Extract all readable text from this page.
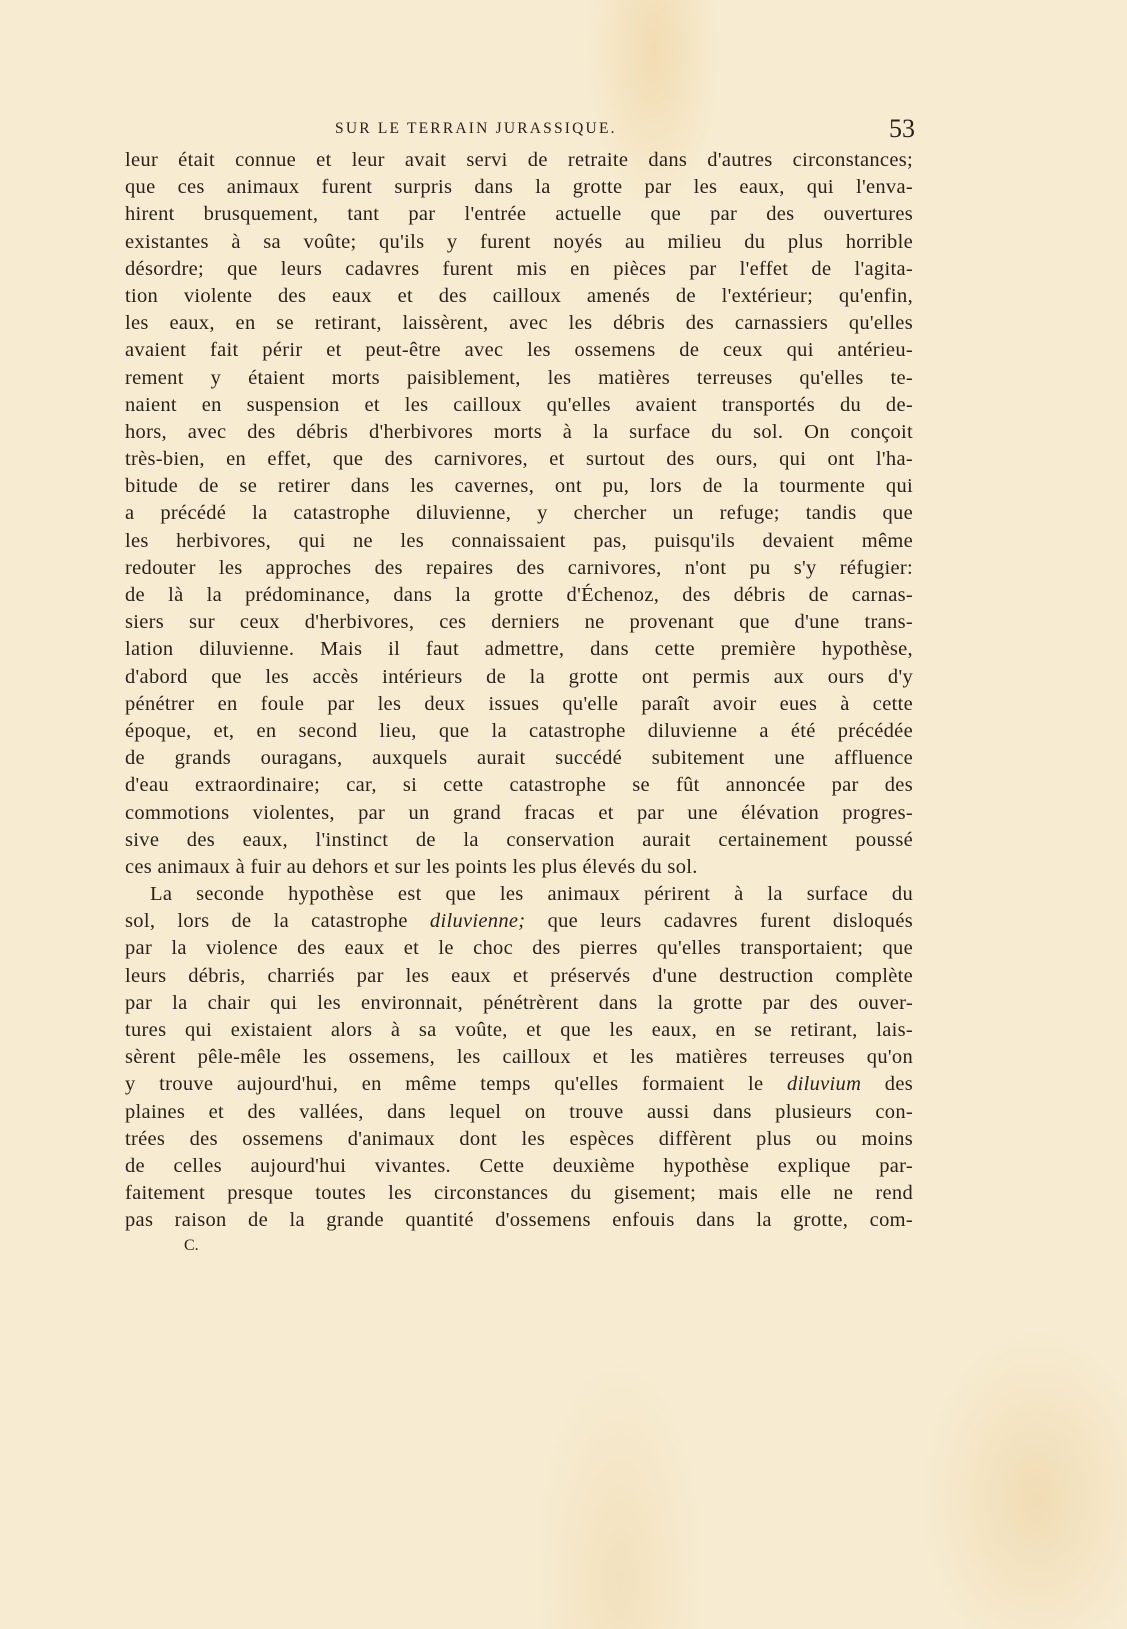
SUR LE TERRAIN JURASSIQUE.	53
leur était connue et leur avait servi de retraite dans d'autres circonstances;
que ces animaux furent surpris dans la grotte par les eaux, qui l'enva-
hirent brusquement, tant par l'entrée actuelle que par des ouvertures
existantes à sa voûte; qu'ils y furent noyés au milieu du plus horrible
désordre; que leurs cadavres furent mis en pièces par l'effet de l'agita-
tion violente des eaux et des cailloux amenés de l'extérieur; qu'enfin,
les eaux, en se retirant, laissèrent, avec les débris des carnassiers qu'elles
avaient fait périr et peut-être avec les ossemens de ceux qui antérieu-
rement y étaient morts paisiblement, les matières terreuses qu'elles te-
naient en suspension et les cailloux qu'elles avaient transportés du de-
hors, avec des débris d'herbivores morts à la surface du sol. On conçoit
très-bien, en effet, que des carnivores, et surtout des ours, qui ont l'ha-
bitude de se retirer dans les cavernes, ont pu, lors de la tourmente qui
a précédé la catastrophe diluvienne, y chercher un refuge; tandis que
les herbivores, qui ne les connaissaient pas, puisqu'ils devaient même
redouter les approches des repaires des carnivores, n'ont pu s'y réfugier:
de là la prédominance, dans la grotte d'Échenoz, des débris de carnas-
siers sur ceux d'herbivores, ces derniers ne provenant que d'une trans-
lation diluvienne. Mais il faut admettre, dans cette première hypothèse,
d'abord que les accès intérieurs de la grotte ont permis aux ours d'y
pénétrer en foule par les deux issues qu'elle paraît avoir eues à cette
époque, et, en second lieu, que la catastrophe diluvienne a été précédée
de grands ouragans, auxquels aurait succédé subitement une affluence
d'eau extraordinaire; car, si cette catastrophe se fût annoncée par des
commotions violentes, par un grand fracas et par une élévation progres-
sive des eaux, l'instinct de la conservation aurait certainement poussé
ces animaux à fuir au dehors et sur les points les plus élevés du sol.
La seconde hypothèse est que les animaux périrent à la surface du
sol, lors de la catastrophe diluvienne; que leurs cadavres furent disloqués
par la violence des eaux et le choc des pierres qu'elles transportaient; que
leurs débris, charriés par les eaux et préservés d'une destruction complète
par la chair qui les environnait, pénétrèrent dans la grotte par des ouver-
tures qui existaient alors à sa voûte, et que les eaux, en se retirant, lais-
sèrent pêle-mêle les ossemens, les cailloux et les matières terreuses qu'on
y trouve aujourd'hui, en même temps qu'elles formaient le diluvium des
plaines et des vallées, dans lequel on trouve aussi dans plusieurs con-
trées des ossemens d'animaux dont les espèces diffèrent plus ou moins
de celles aujourd'hui vivantes. Cette deuxième hypothèse explique par-
faitement presque toutes les circonstances du gisement; mais elle ne rend
pas raison de la grande quantité d'ossemens enfouis dans la grotte, com-
C.
